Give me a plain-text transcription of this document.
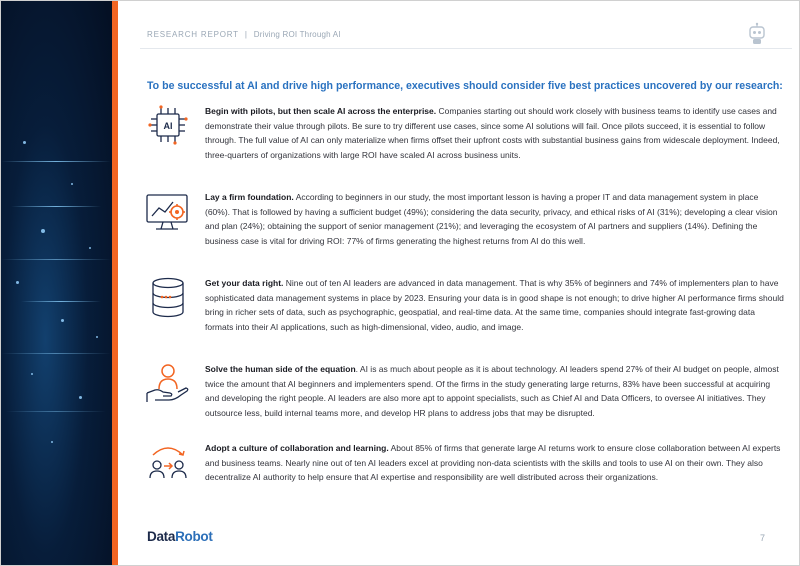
RESEARCH REPORT | Driving ROI Through AI
To be successful at AI and drive high performance, executives should consider five best practices uncovered by our research:
AI
Begin with pilots, but then scale AI across the enterprise. Companies starting out should work closely with business teams to identify use cases and demonstrate their value through pilots. Be sure to try different use cases, since some AI solutions will fail. Once pilots succeed, it is essential to follow through. The full value of AI can only materialize when firms offset their upfront costs with substantial business gains from widescale deployment. Indeed, three-quarters of organizations with large ROI have scaled AI across business units.
Lay a firm foundation. According to beginners in our study, the most important lesson is having a proper IT and data management system in place (60%). That is followed by having a sufficient budget (49%); considering the data security, privacy, and ethical risks of AI (31%); developing a clear vision and plan (24%); obtaining the support of senior management (21%); and leveraging the ecosystem of AI partners and suppliers (14%). Defining the business case is vital for driving ROI: 77% of firms generating the highest returns from AI do this well.
Get your data right. Nine out of ten AI leaders are advanced in data management. That is why 35% of beginners and 74% of implementers plan to have sophisticated data management systems in place by 2023. Ensuring your data is in good shape is not enough; to drive higher AI performance firms should bring in richer sets of data, such as psychographic, geospatial, and real-time data. At the same time, companies should integrate fast-growing data formats into their AI applications, such as high-dimensional, video, audio, and image.
Solve the human side of the equation. AI is as much about people as it is about technology. AI leaders spend 27% of their AI budget on people, almost twice the amount that AI beginners and implementers spend. Of the firms in the study generating large returns, 83% have been successful at acquiring and developing the right people. AI leaders are also more apt to appoint specialists, such as Chief AI and Data Officers, to oversee AI initiatives. They outsource less, build internal teams more, and develop HR plans to address jobs that may be disrupted.
Adopt a culture of collaboration and learning. About 85% of firms that generate large AI returns work to ensure close collaboration between AI experts and business teams. Nearly nine out of ten AI leaders excel at providing non-data scientists with the skills and tools to use AI on their own. They also decentralize AI authority to help ensure that AI expertise and responsibility are well distributed across their organizations.
DataRobot	7
